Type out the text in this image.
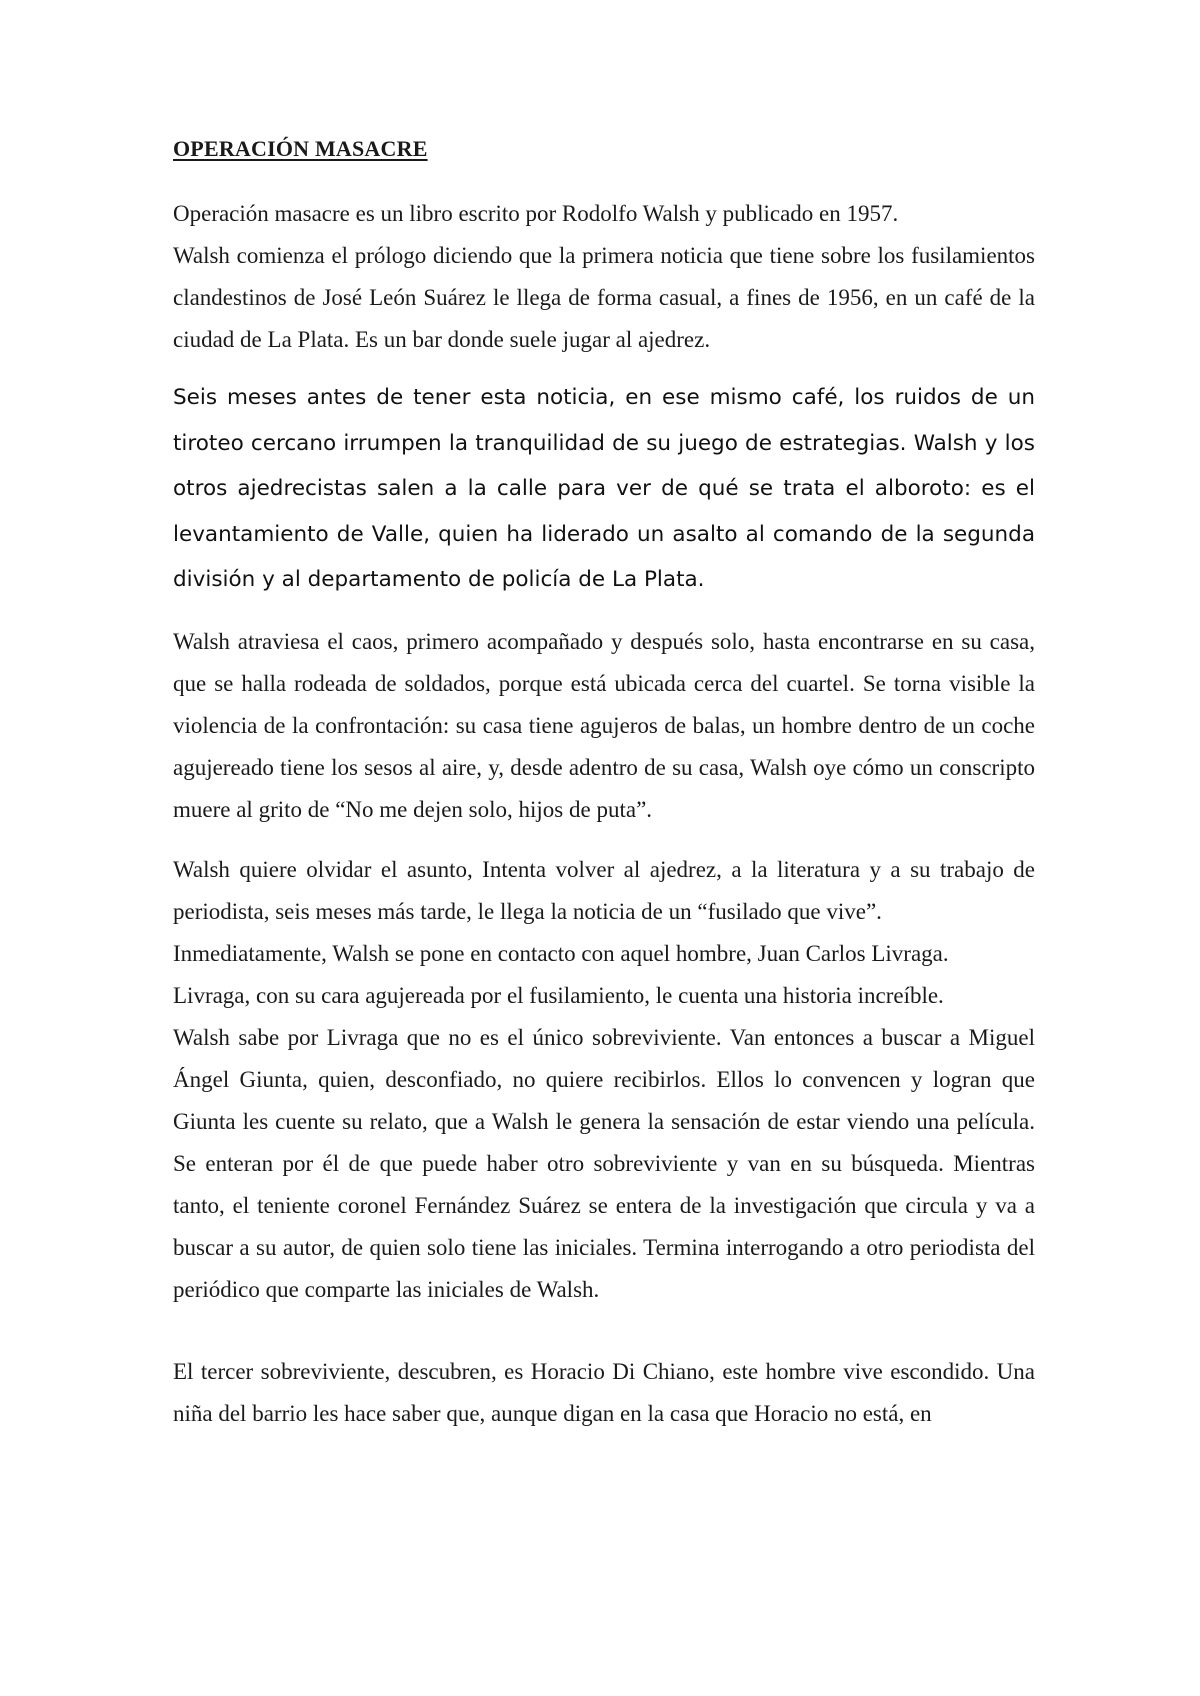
OPERACIÓN MASACRE

Operación masacre es un libro escrito por Rodolfo Walsh y publicado en 1957.

Walsh comienza el prólogo diciendo que la primera noticia que tiene sobre los fusilamientos clandestinos de José León Suárez le llega de forma casual, a fines de 1956, en un café de la ciudad de La Plata. Es un bar donde suele jugar al ajedrez.

Seis meses antes de tener esta noticia, en ese mismo café, los ruidos de un tiroteo cercano irrumpen la tranquilidad de su juego de estrategias. Walsh y los otros ajedrecistas salen a la calle para ver de qué se trata el alboroto: es el levantamiento de Valle, quien ha liderado un asalto al comando de la segunda división y al departamento de policía de La Plata.

Walsh atraviesa el caos, primero acompañado y después solo, hasta encontrarse en su casa, que se halla rodeada de soldados, porque está ubicada cerca del cuartel. Se torna visible la violencia de la confrontación: su casa tiene agujeros de balas, un hombre dentro de un coche agujereado tiene los sesos al aire, y, desde adentro de su casa, Walsh oye cómo un conscripto muere al grito de “No me dejen solo, hijos de puta”.

Walsh quiere olvidar el asunto, Intenta volver al ajedrez, a la literatura y a su trabajo de periodista, seis meses más tarde, le llega la noticia de un “fusilado que vive”.

Inmediatamente, Walsh se pone en contacto con aquel hombre, Juan Carlos Livraga.

Livraga, con su cara agujereada por el fusilamiento, le cuenta una historia increíble.

Walsh sabe por Livraga que no es el único sobreviviente. Van entonces a buscar a Miguel Ángel Giunta, quien, desconfiado, no quiere recibirlos. Ellos lo convencen y logran que Giunta les cuente su relato, que a Walsh le genera la sensación de estar viendo una película. Se enteran por él de que puede haber otro sobreviviente y van en su búsqueda. Mientras tanto, el teniente coronel Fernández Suárez se entera de la investigación que circula y va a buscar a su autor, de quien solo tiene las iniciales. Termina interrogando a otro periodista del periódico que comparte las iniciales de Walsh.

El tercer sobreviviente, descubren, es Horacio Di Chiano, este hombre vive escondido. Una niña del barrio les hace saber que, aunque digan en la casa que Horacio no está, en
